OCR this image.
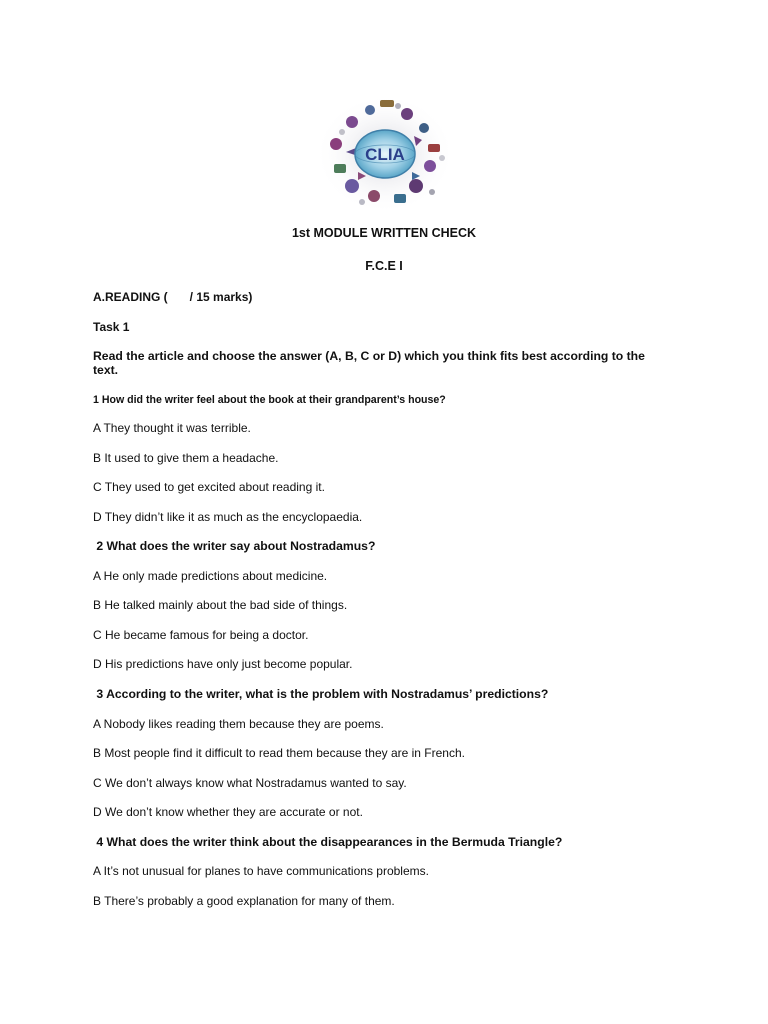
CLIA
1st MODULE WRITTEN CHECK
F.C.E I
A.READING ( / 15 marks)
Task 1
Read the article and choose the answer (A, B, C or D) which you think fits best according to the text.
1 How did the writer feel about the book at their grandparent’s house?
A They thought it was terrible.
B It used to give them a headache.
C They used to get excited about reading it.
D They didn’t like it as much as the encyclopaedia.
2 What does the writer say about Nostradamus?
A He only made predictions about medicine.
B He talked mainly about the bad side of things.
C He became famous for being a doctor.
D His predictions have only just become popular.
3 According to the writer, what is the problem with Nostradamus’ predictions?
A Nobody likes reading them because they are poems.
B Most people find it difficult to read them because they are in French.
C We don’t always know what Nostradamus wanted to say.
D We don’t know whether they are accurate or not.
4 What does the writer think about the disappearances in the Bermuda Triangle?
A It’s not unusual for planes to have communications problems.
B There’s probably a good explanation for many of them.
